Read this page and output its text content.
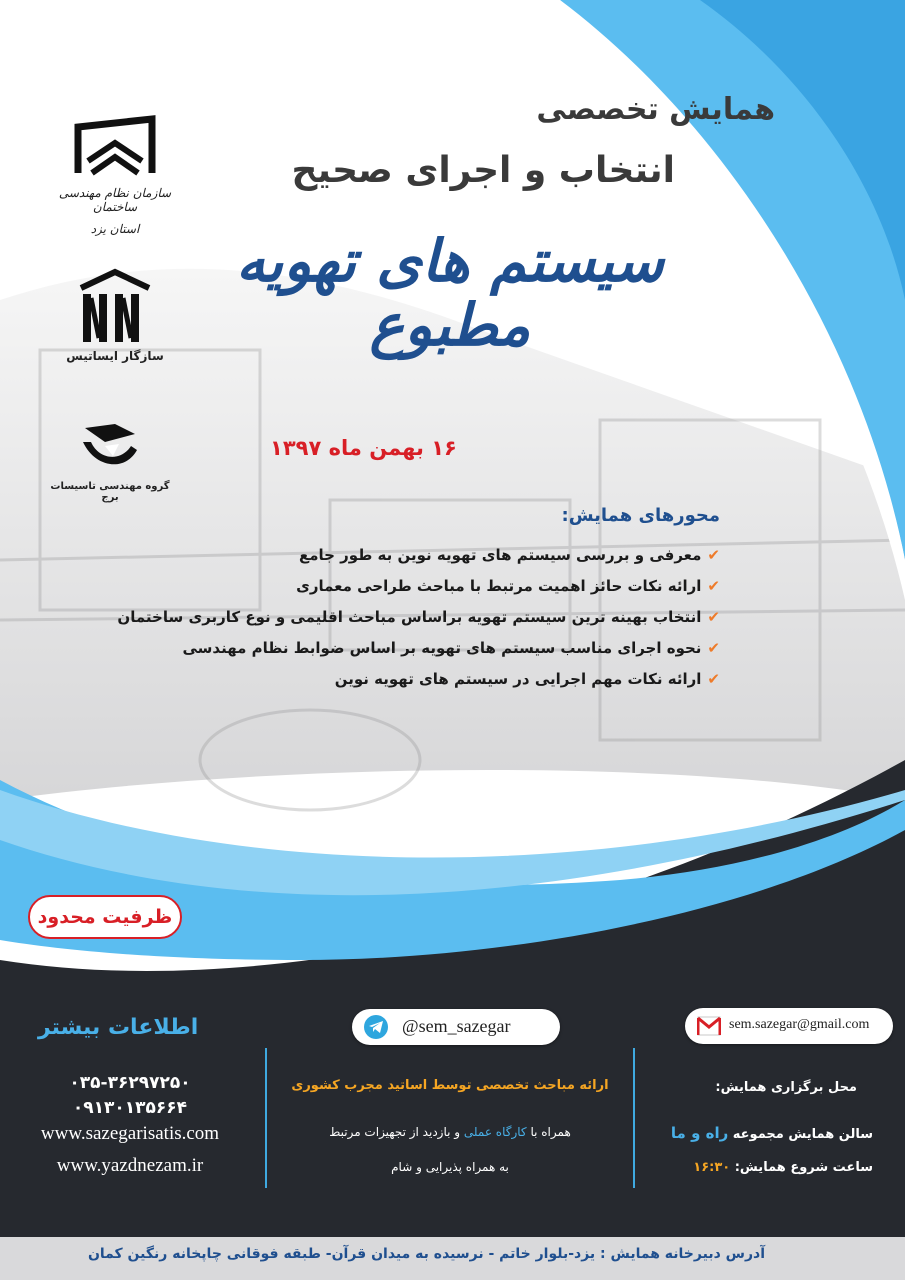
همایش تخصصی
انتخاب و اجرای صحیح
سیستم های تهویه مطبوع
۱۶ بهمن ماه ۱۳۹۷
سازمان نظام مهندسی ساختمان
استان یزد
سازگار ایساتیس
گروه مهندسی تاسیسات برج
محورهای همایش:
✔معرفی و بررسی سیستم های تهویه نوین به طور جامع
✔ارائه نکات حائز اهمیت مرتبط با مباحث طراحی معماری
✔انتخاب بهینه ترین سیستم تهویه براساس مباحث اقلیمی و نوع کاربری ساختمان
✔نحوه اجرای مناسب سیستم های تهویه بر اساس ضوابط نظام مهندسی
✔ارائه نکات مهم اجرایی در سیستم های تهویه نوین
ظرفیت محدود
@sem_sazegar	sem.sazegar@gmail.com
اطلاعات بیشتر
۰۳۵-۳۶۲۹۷۲۵۰
۰۹۱۳۰۱۳۵۶۶۴
www.sazegarisatis.com
www.yazdnezam.ir
ارائه مباحث تخصصی توسط اساتید مجرب کشوری
همراه با کارگاه عملی و بازدید از تجهیزات مرتبط
به همراه پذیرایی و شام
محل برگزاری همایش:
سالن همایش مجموعه راه و ما
ساعت شروع همایش: ۱۶:۳۰
آدرس دبیرخانه همایش : یزد-بلوار خاتم - نرسیده به میدان قرآن- طبقه فوقانی چاپخانه رنگین کمان
